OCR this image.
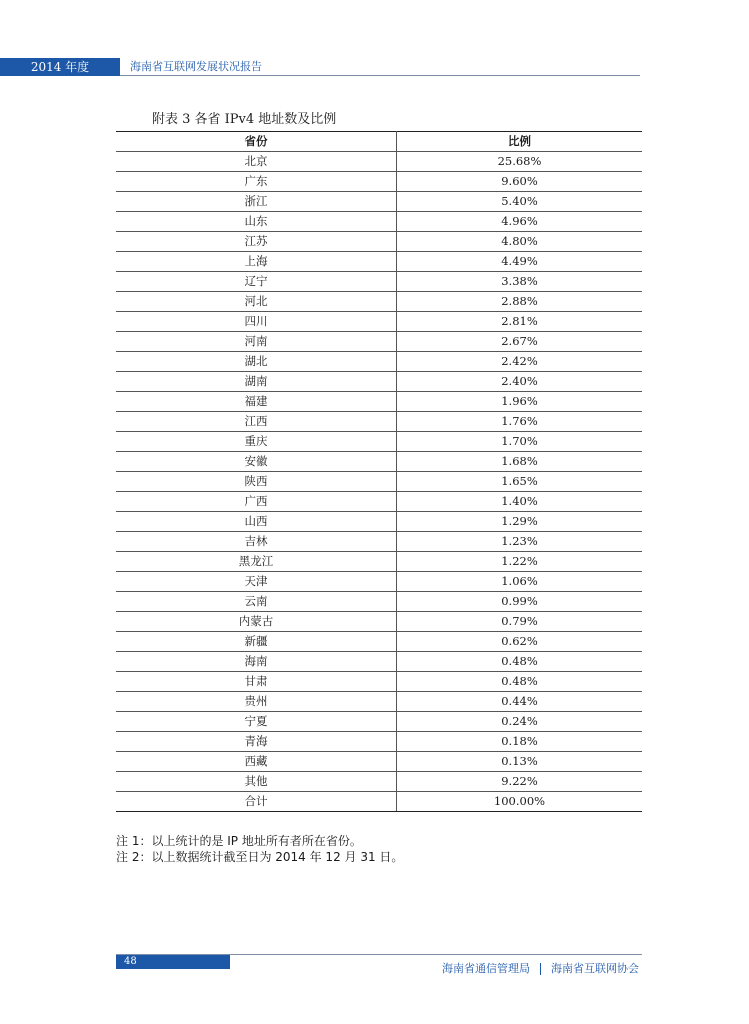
2014 年度	海南省互联网发展状况报告
附表 3 各省 IPv4 地址数及比例
省份	比例
北京	25.68%
广东	9.60%
浙江	5.40%
山东	4.96%
江苏	4.80%
上海	4.49%
辽宁	3.38%
河北	2.88%
四川	2.81%
河南	2.67%
湖北	2.42%
湖南	2.40%
福建	1.96%
江西	1.76%
重庆	1.70%
安徽	1.68%
陕西	1.65%
广西	1.40%
山西	1.29%
吉林	1.23%
黑龙江	1.22%
天津	1.06%
云南	0.99%
内蒙古	0.79%
新疆	0.62%
海南	0.48%
甘肃	0.48%
贵州	0.44%
宁夏	0.24%
青海	0.18%
西藏	0.13%
其他	9.22%
合计	100.00%
注 1：以上统计的是 IP 地址所有者所在省份。
注 2：以上数据统计截至日为 2014 年 12 月 31 日。
48
海南省通信管理局 海南省互联网协会
